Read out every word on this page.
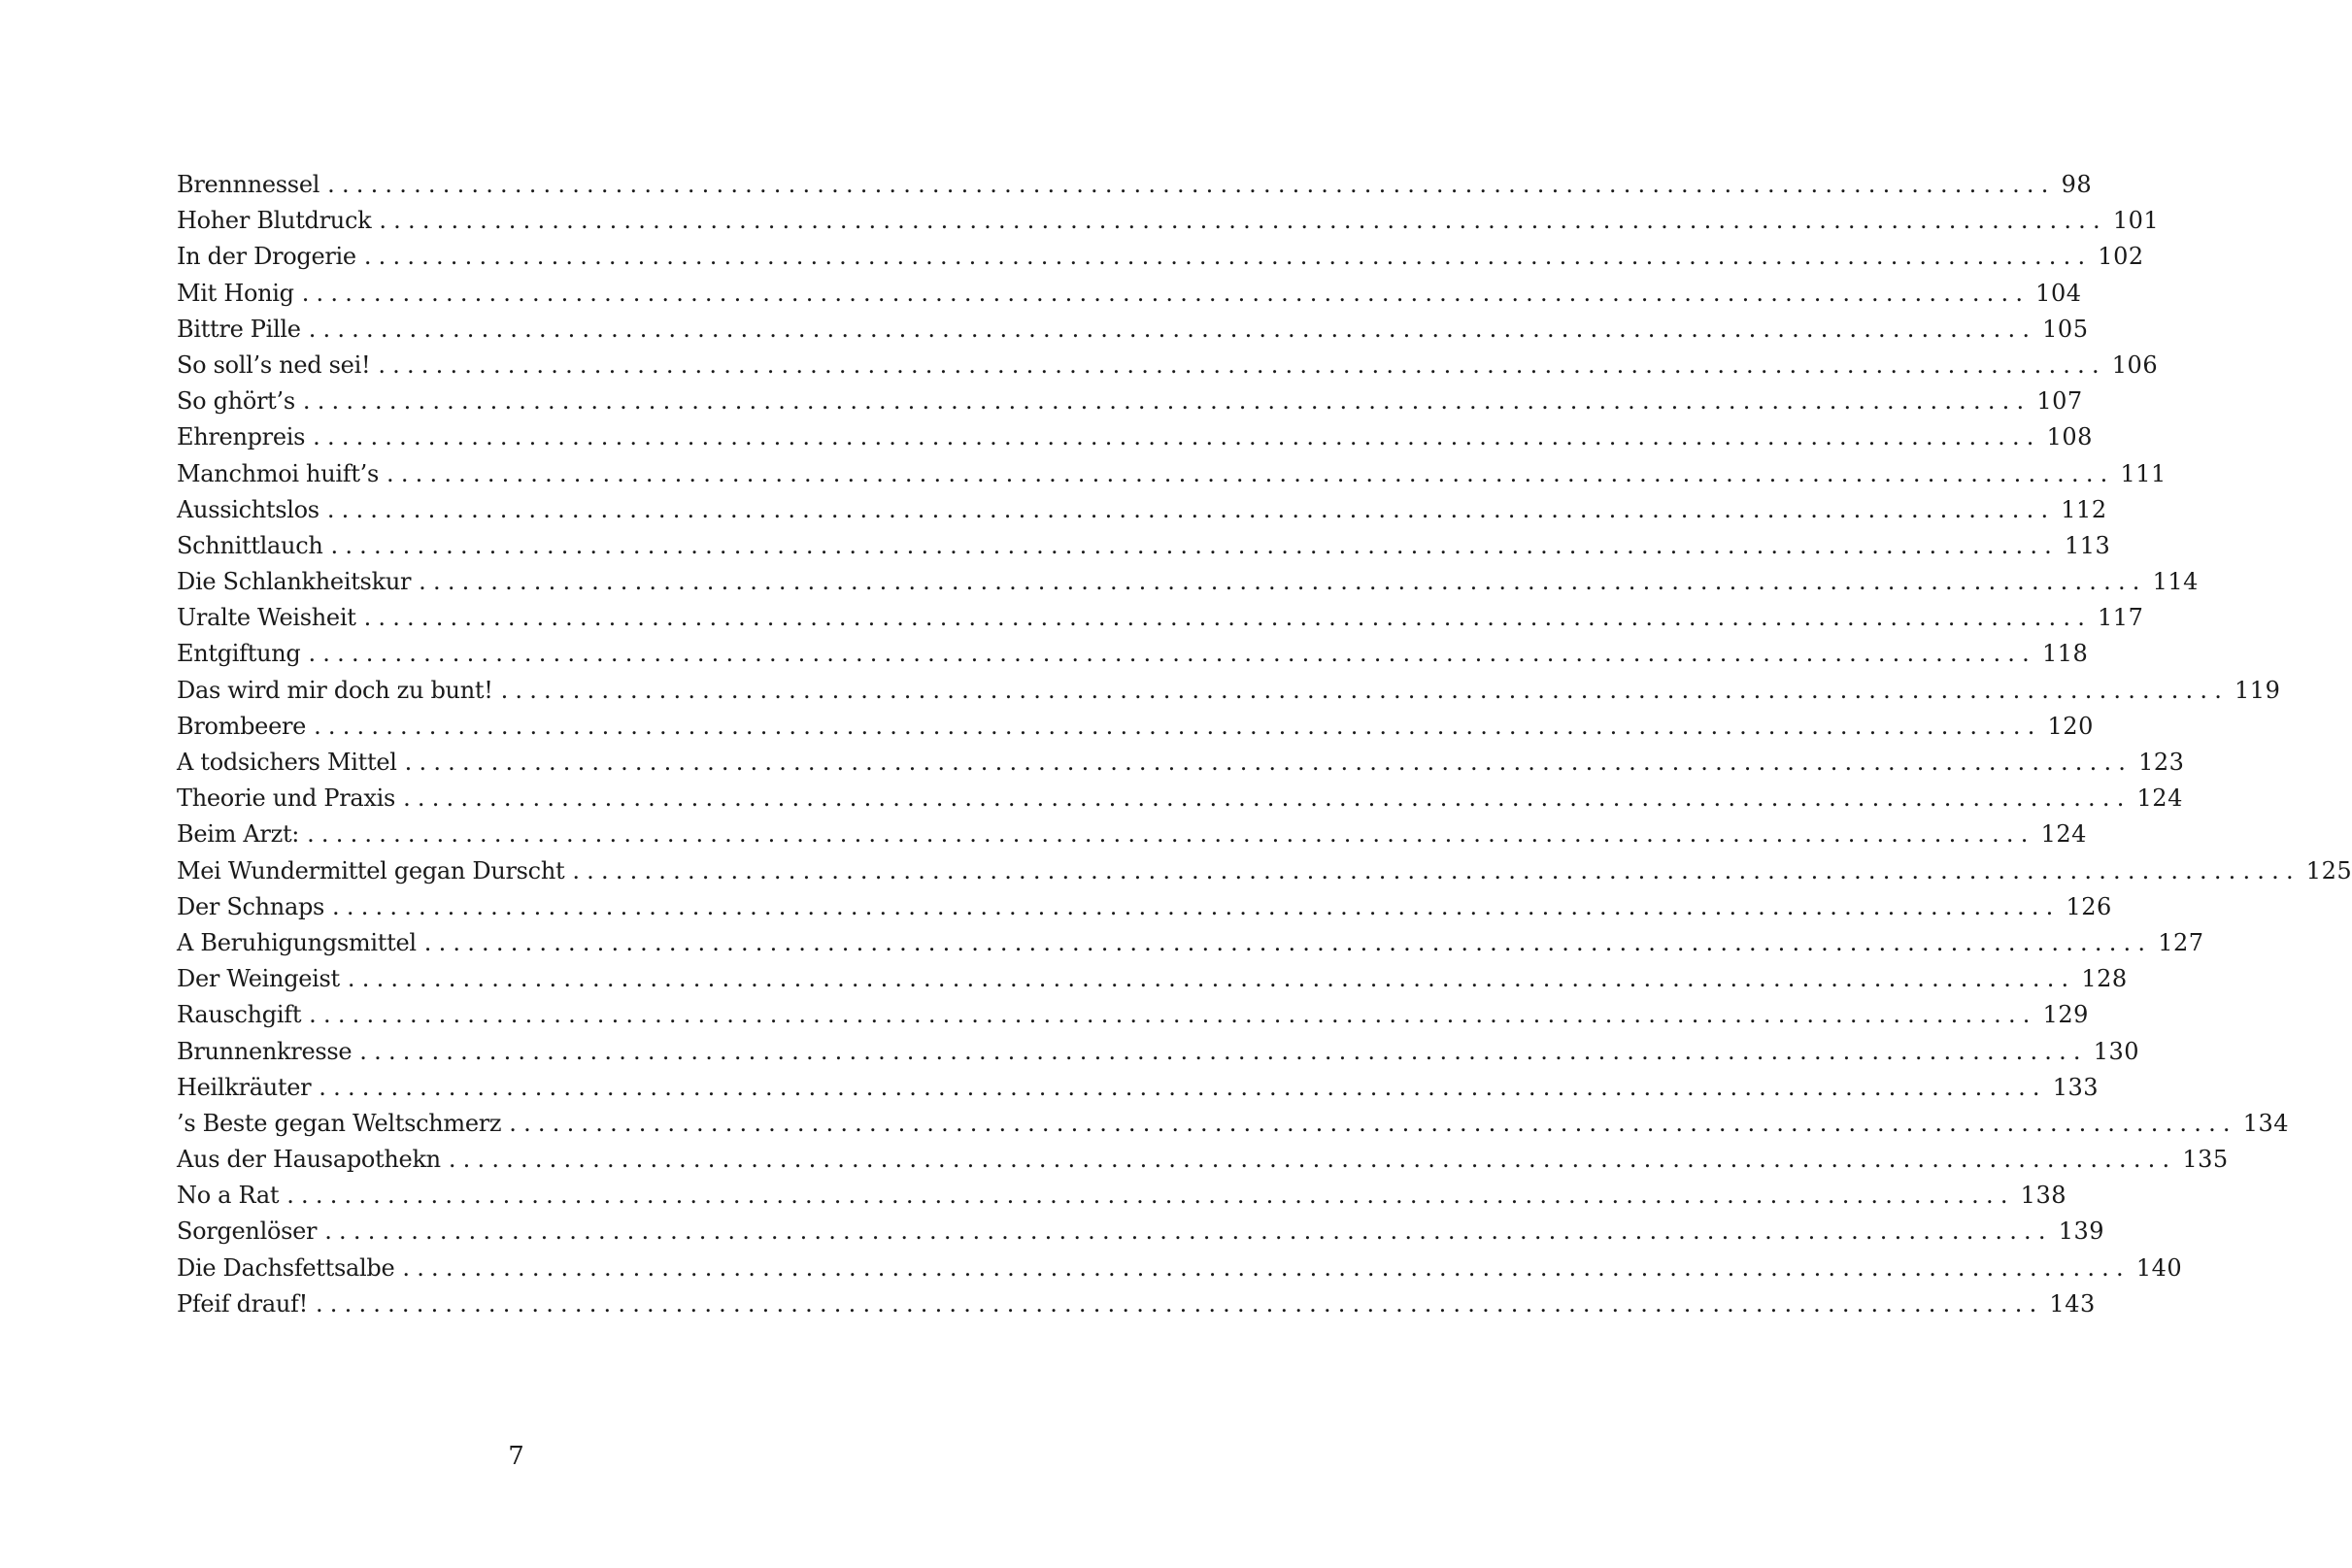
Brennnessel ........................................................................................................................ 98
Hoher Blutdruck ........................................................................................................................ 101
In der Drogerie ........................................................................................................................ 102
Mit Honig ........................................................................................................................ 104
Bittre Pille ........................................................................................................................ 105
So soll’s ned sei! ........................................................................................................................ 106
So ghört’s ........................................................................................................................ 107
Ehrenpreis ........................................................................................................................ 108
Manchmoi huift’s ........................................................................................................................ 111
Aussichtslos ........................................................................................................................ 112
Schnittlauch ........................................................................................................................ 113
Die Schlankheitskur ........................................................................................................................ 114
Uralte Weisheit ........................................................................................................................ 117
Entgiftung ........................................................................................................................ 118
Das wird mir doch zu bunt! ........................................................................................................................ 119
Brombeere ........................................................................................................................ 120
A todsichers Mittel ........................................................................................................................ 123
Theorie und Praxis ........................................................................................................................ 124
Beim Arzt: ........................................................................................................................ 124
Mei Wundermittel gegan Durscht ........................................................................................................................ 125
Der Schnaps ........................................................................................................................ 126
A Beruhigungsmittel ........................................................................................................................ 127
Der Weingeist ........................................................................................................................ 128
Rauschgift ........................................................................................................................ 129
Brunnenkresse ........................................................................................................................ 130
Heilkräuter ........................................................................................................................ 133
’s Beste gegan Weltschmerz ........................................................................................................................ 134
Aus der Hausapothekn ........................................................................................................................ 135
No a Rat ........................................................................................................................ 138
Sorgenlöser ........................................................................................................................ 139
Die Dachsfettsalbe ........................................................................................................................ 140
Pfeif drauf! ........................................................................................................................ 143
7
